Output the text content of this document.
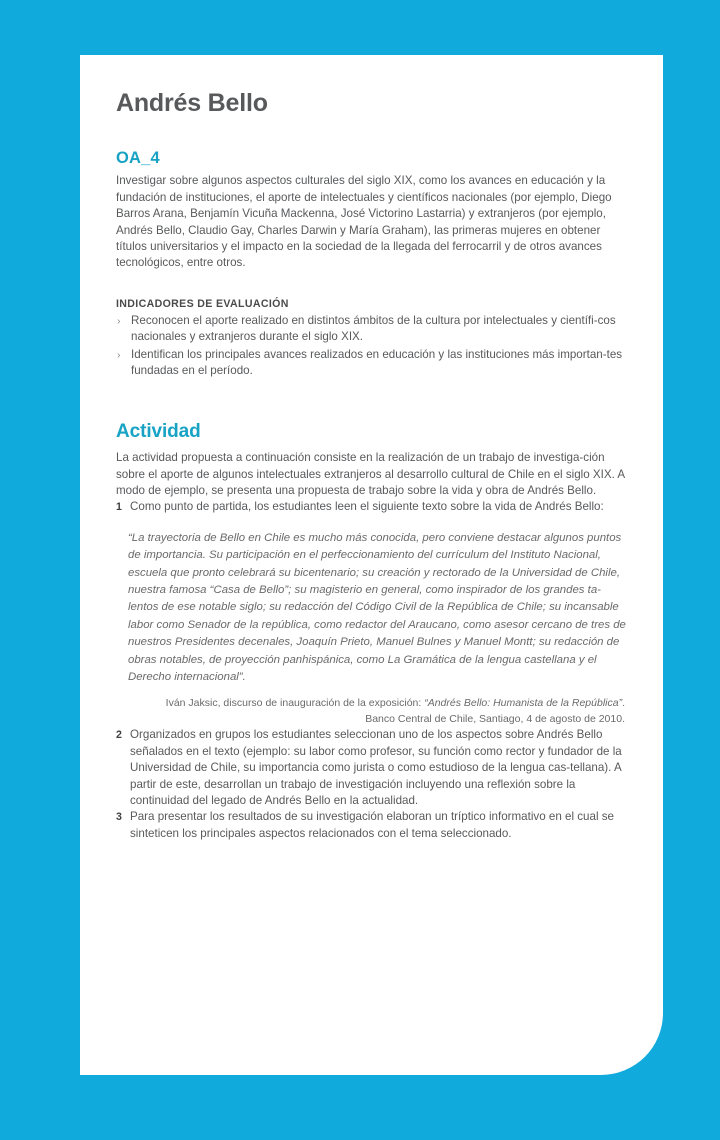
Andrés Bello
OA_4

Investigar sobre algunos aspectos culturales del siglo XIX, como los avances en educación y la fundación de instituciones, el aporte de intelectuales y científicos nacionales (por ejemplo, Diego Barros Arana, Benjamín Vicuña Mackenna, José Victorino Lastarria) y extranjeros (por ejemplo, Andrés Bello, Claudio Gay, Charles Darwin y María Graham), las primeras mujeres en obtener títulos universitarios y el impacto en la sociedad de la llegada del ferrocarril y de otros avances tecnológicos, entre otros.

INDICADORES DE EVALUACIÓN
› Reconocen el aporte realizado en distintos ámbitos de la cultura por intelectuales y científi-cos nacionales y extranjeros durante el siglo XIX.
› Identifican los principales avances realizados en educación y las instituciones más importan-tes fundadas en el período.
Actividad

La actividad propuesta a continuación consiste en la realización de un trabajo de investiga-ción sobre el aporte de algunos intelectuales extranjeros al desarrollo cultural de Chile en el siglo XIX. A modo de ejemplo, se presenta una propuesta de trabajo sobre la vida y obra de Andrés Bello.

1 Como punto de partida, los estudiantes leen el siguiente texto sobre la vida de Andrés Bello:

“La trayectoria de Bello en Chile es mucho más conocida, pero conviene destacar algunos puntos de importancia. Su participación en el perfeccionamiento del currículum del Instituto Nacional, escuela que pronto celebrará su bicentenario; su creación y rectorado de la Universidad de Chile, nuestra famosa “Casa de Bello”; su magisterio en general, como inspirador de los grandes ta-lentos de ese notable siglo; su redacción del Código Civil de la República de Chile; su incansable labor como Senador de la república, como redactor del Araucano, como asesor cercano de tres de nuestros Presidentes decenales, Joaquín Prieto, Manuel Bulnes y Manuel Montt; su redacción de obras notables, de proyección panhispánica, como La Gramática de la lengua castellana y el Derecho internacional”.

Iván Jaksic, discurso de inauguración de la exposición: “Andrés Bello: Humanista de la República”.
Banco Central de Chile, Santiago, 4 de agosto de 2010.
2 Organizados en grupos los estudiantes seleccionan uno de los aspectos sobre Andrés Bello señalados en el texto (ejemplo: su labor como profesor, su función como rector y fundador de la Universidad de Chile, su importancia como jurista o como estudioso de la lengua cas-tellana). A partir de este, desarrollan un trabajo de investigación incluyendo una reflexión sobre la continuidad del legado de Andrés Bello en la actualidad.
3 Para presentar los resultados de su investigación elaboran un tríptico informativo en el cual se sinteticen los principales aspectos relacionados con el tema seleccionado.
